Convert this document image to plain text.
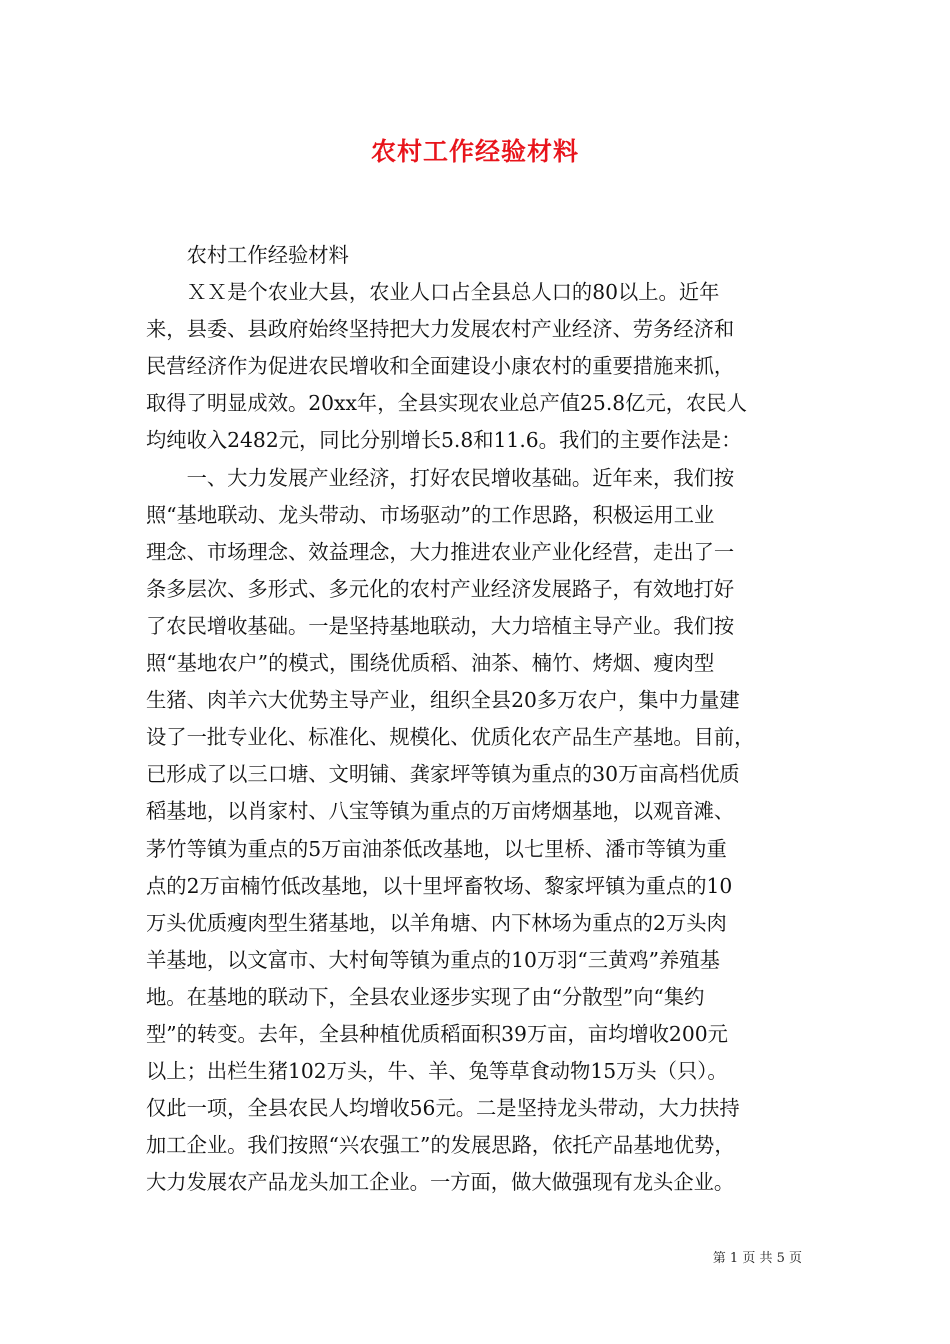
农村工作经验材料
　　农村工作经验材料
　　ＸＸ是个农业大县，农业人口占全县总人口的80以上。近年
来，县委、县政府始终坚持把大力发展农村产业经济、劳务经济和
民营经济作为促进农民增收和全面建设小康农村的重要措施来抓，
取得了明显成效。20xx年，全县实现农业总产值25.8亿元，农民人
均纯收入2482元，同比分别增长5.8和11.6。我们的主要作法是：
　　一、大力发展产业经济，打好农民增收基础。近年来，我们按
照“基地联动、龙头带动、市场驱动”的工作思路，积极运用工业
理念、市场理念、效益理念，大力推进农业产业化经营，走出了一
条多层次、多形式、多元化的农村产业经济发展路子，有效地打好
了农民增收基础。一是坚持基地联动，大力培植主导产业。我们按
照“基地农户”的模式，围绕优质稻、油茶、楠竹、烤烟、瘦肉型
生猪、肉羊六大优势主导产业，组织全县20多万农户，集中力量建
设了一批专业化、标准化、规模化、优质化农产品生产基地。目前，
已形成了以三口塘、文明铺、龚家坪等镇为重点的30万亩高档优质
稻基地，以肖家村、八宝等镇为重点的万亩烤烟基地，以观音滩、
茅竹等镇为重点的5万亩油茶低改基地，以七里桥、潘市等镇为重
点的2万亩楠竹低改基地，以十里坪畜牧场、黎家坪镇为重点的10
万头优质瘦肉型生猪基地，以羊角塘、内下林场为重点的2万头肉
羊基地，以文富市、大村甸等镇为重点的10万羽“三黄鸡”养殖基
地。在基地的联动下，全县农业逐步实现了由“分散型”向“集约
型”的转变。去年，全县种植优质稻面积39万亩，亩均增收200元
以上；出栏生猪102万头，牛、羊、兔等草食动物15万头（只）。
仅此一项，全县农民人均增收56元。二是坚持龙头带动，大力扶持
加工企业。我们按照“兴农强工”的发展思路，依托产品基地优势，
大力发展农产品龙头加工企业。一方面，做大做强现有龙头企业。
第 1 页 共 5 页
